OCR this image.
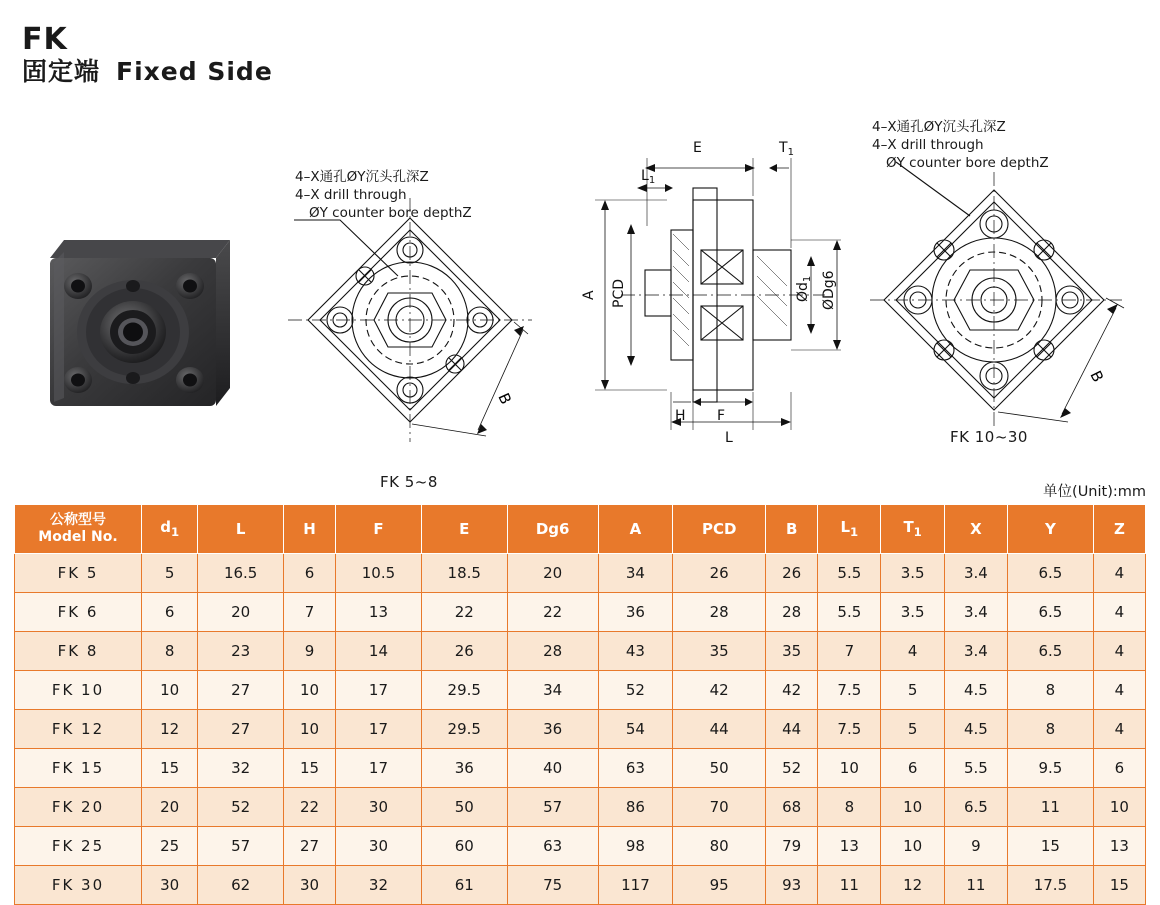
FK
固定端 Fixed Side
4–X通孔ØY沉头孔深Z
4–X drill through
ØY counter bore depthZ
B
FK 5~8
E	$T_1$
$L_1$
A PCD	$Ød_1$ ØDg6
H F
L
4–X通孔ØY沉头孔深Z
4–X drill through
ØY counter bore depthZ
B
FK 10~30
单位(Unit):mm
公称型号
Model No.	$d_1$	L	H	F	E	Dg6	A	PCD	B	$L_1$	$T_1$	X	Y	Z
FK 5	5	16.5	6	10.5	18.5	20	34	26	26	5.5	3.5	3.4	6.5	4
FK 6	6	20	7	13	22	22	36	28	28	5.5	3.5	3.4	6.5	4
FK 8	8	23	9	14	26	28	43	35	35	7	4	3.4	6.5	4
FK 10	10	27	10	17	29.5	34	52	42	42	7.5	5	4.5	8	4
FK 12	12	27	10	17	29.5	36	54	44	44	7.5	5	4.5	8	4
FK 15	15	32	15	17	36	40	63	50	52	10	6	5.5	9.5	6
FK 20	20	52	22	30	50	57	86	70	68	8	10	6.5	11	10
FK 25	25	57	27	30	60	63	98	80	79	13	10	9	15	13
FK 30	30	62	30	32	61	75	117	95	93	11	12	11	17.5	15
